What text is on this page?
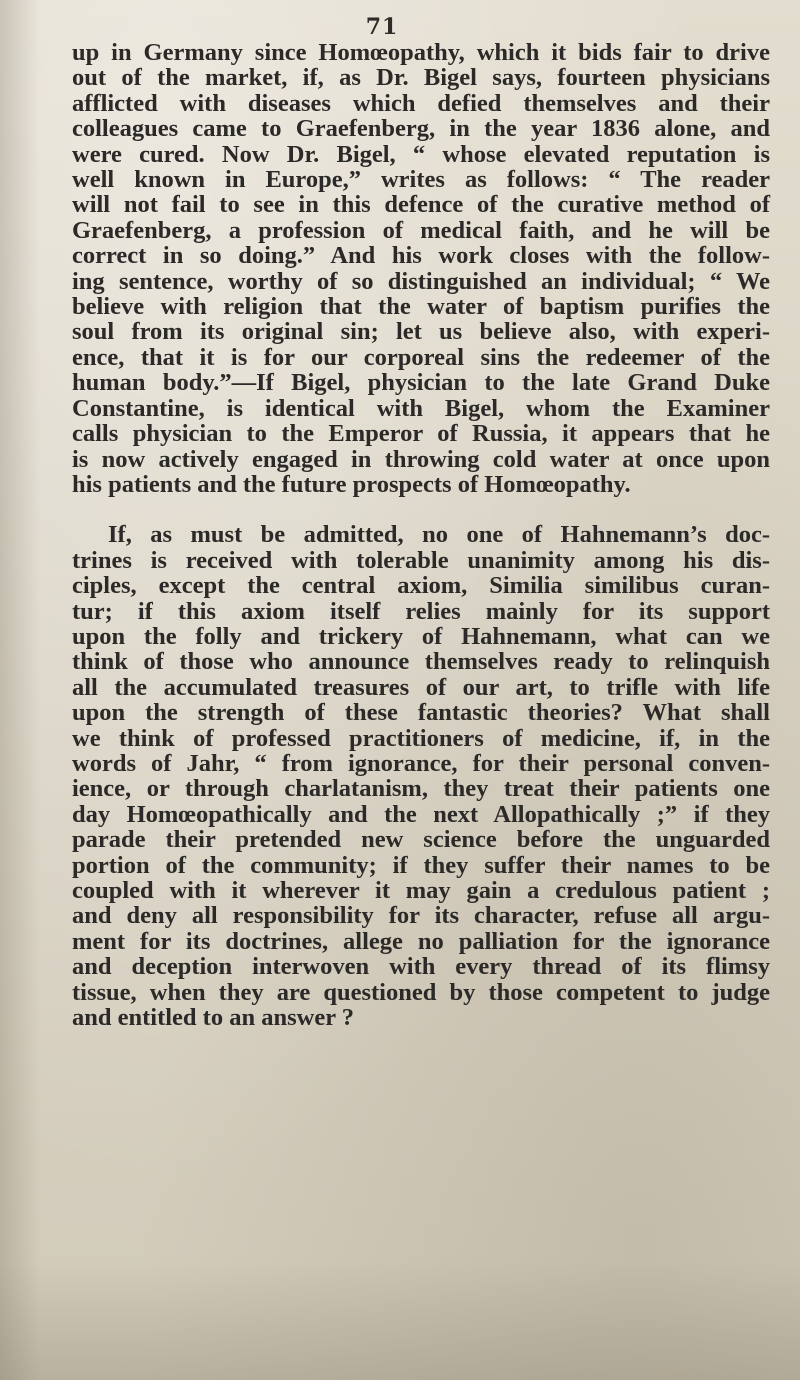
71
up in Germany since Homœopathy, which it bids fair to drive
out of the market, if, as Dr. Bigel says, fourteen physicians
afflicted with diseases which defied themselves and their
colleagues came to Graefenberg, in the year 1836 alone, and
were cured. Now Dr. Bigel, “ whose elevated reputation is
well known in Europe,” writes as follows: “ The reader
will not fail to see in this defence of the curative method of
Graefenberg, a profession of medical faith, and he will be
correct in so doing.” And his work closes with the follow-
ing sentence, worthy of so distinguished an individual; “ We
believe with religion that the water of baptism purifies the
soul from its original sin; let us believe also, with experi-
ence, that it is for our corporeal sins the redeemer of the
human body.”—If Bigel, physician to the late Grand Duke
Constantine, is identical with Bigel, whom the Examiner
calls physician to the Emperor of Russia, it appears that he
is now actively engaged in throwing cold water at once upon
his patients and the future prospects of Homœopathy.
If, as must be admitted, no one of Hahnemann’s doc-
trines is received with tolerable unanimity among his dis-
ciples, except the central axiom, Similia similibus curan-
tur; if this axiom itself relies mainly for its support
upon the folly and trickery of Hahnemann, what can we
think of those who announce themselves ready to relinquish
all the accumulated treasures of our art, to trifle with life
upon the strength of these fantastic theories? What shall
we think of professed practitioners of medicine, if, in the
words of Jahr, “ from ignorance, for their personal conven-
ience, or through charlatanism, they treat their patients one
day Homœopathically and the next Allopathically ;” if they
parade their pretended new science before the unguarded
portion of the community; if they suffer their names to be
coupled with it wherever it may gain a credulous patient ;
and deny all responsibility for its character, refuse all argu-
ment for its doctrines, allege no palliation for the ignorance
and deception interwoven with every thread of its flimsy
tissue, when they are questioned by those competent to judge
and entitled to an answer ?
